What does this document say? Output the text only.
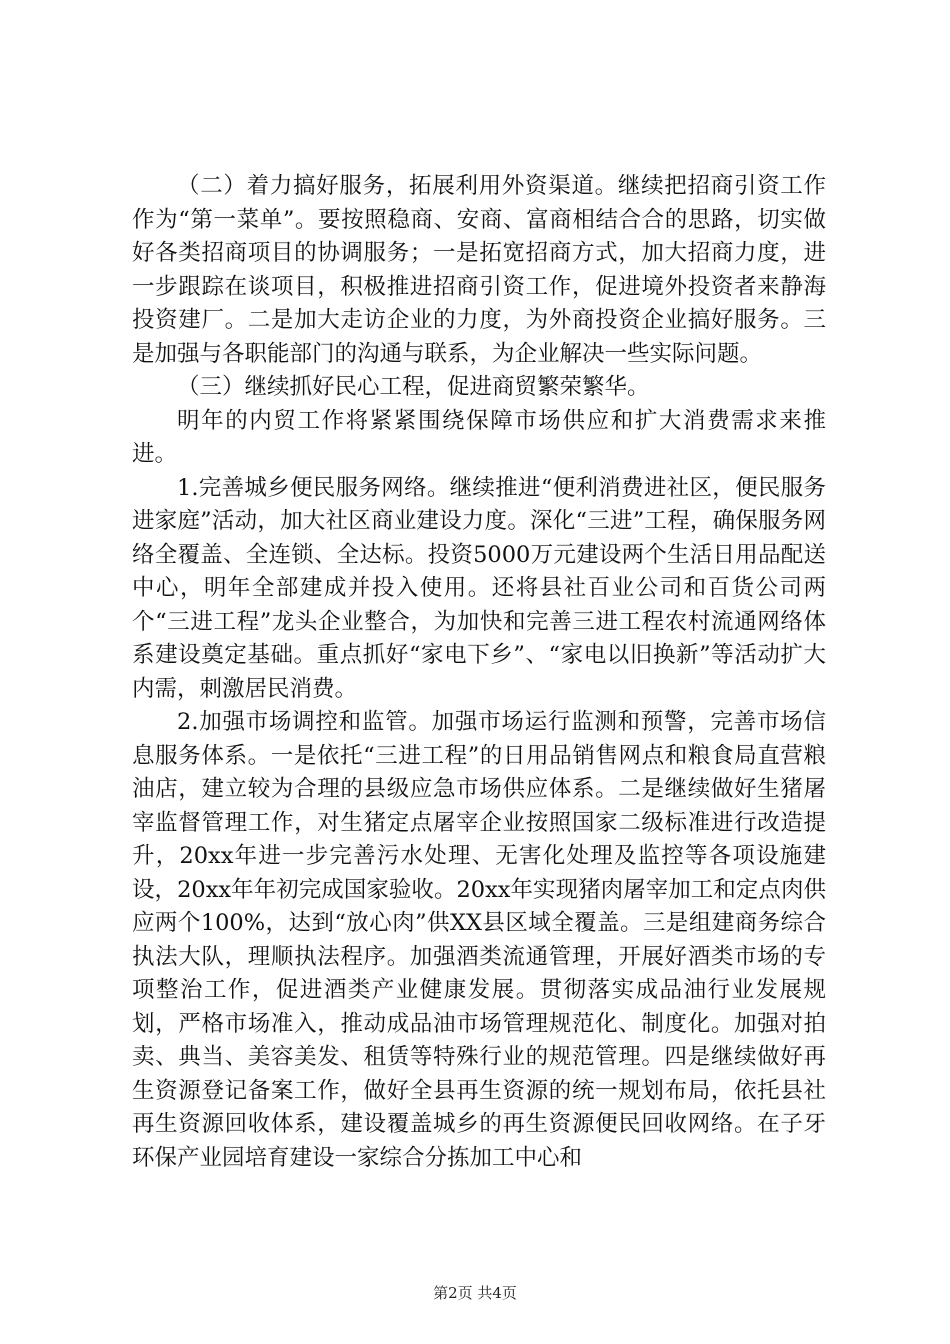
（二）着力搞好服务，拓展利用外资渠道。继续把招商引资工作作为“第一菜单”。要按照稳商、安商、富商相结合合的思路，切实做好各类招商项目的协调服务；一是拓宽招商方式，加大招商力度，进一步跟踪在谈项目，积极推进招商引资工作，促进境外投资者来静海投资建厂。二是加大走访企业的力度，为外商投资企业搞好服务。三是加强与各职能部门的沟通与联系，为企业解决一些实际问题。

（三）继续抓好民心工程，促进商贸繁荣繁华。

明年的内贸工作将紧紧围绕保障市场供应和扩大消费需求来推进。

1.完善城乡便民服务网络。继续推进“便利消费进社区，便民服务进家庭”活动，加大社区商业建设力度。深化“三进”工程，确保服务网络全覆盖、全连锁、全达标。投资5000万元建设两个生活日用品配送中心，明年全部建成并投入使用。还将县社百业公司和百货公司两个“三进工程”龙头企业整合，为加快和完善三进工程农村流通网络体系建设奠定基础。重点抓好“家电下乡”、“家电以旧换新”等活动扩大内需，刺激居民消费。

2.加强市场调控和监管。加强市场运行监测和预警，完善市场信息服务体系。一是依托“三进工程”的日用品销售网点和粮食局直营粮油店，建立较为合理的县级应急市场供应体系。二是继续做好生猪屠宰监督管理工作，对生猪定点屠宰企业按照国家二级标准进行改造提升，20xx年进一步完善污水处理、无害化处理及监控等各项设施建设，20xx年年初完成国家验收。20xx年实现猪肉屠宰加工和定点肉供应两个100%，达到“放心肉”供XX县区域全覆盖。三是组建商务综合执法大队，理顺执法程序。加强酒类流通管理，开展好酒类市场的专项整治工作，促进酒类产业健康发展。贯彻落实成品油行业发展规划，严格市场准入，推动成品油市场管理规范化、制度化。加强对拍卖、典当、美容美发、租赁等特殊行业的规范管理。四是继续做好再生资源登记备案工作，做好全县再生资源的统一规划布局，依托县社再生资源回收体系，建设覆盖城乡的再生资源便民回收网络。在子牙环保产业园培育建设一家综合分拣加工中心和

第2页 共4页
